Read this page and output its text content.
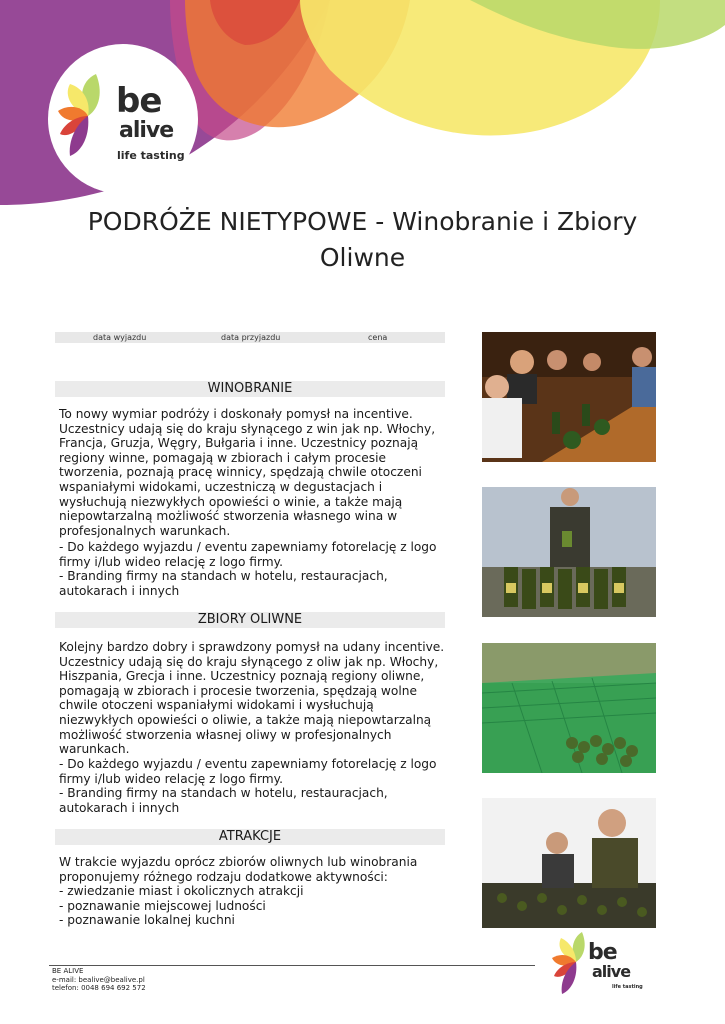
be
alive
life tasting
PODRÓŻE NIETYPOWE - Winobranie i Zbiory Oliwne
data wyjazdu	data przyjazdu	cena
WINOBRANIE

To nowy wymiar podróży i doskonały pomysł na incentive. Uczestnicy udają się do kraju słynącego z win jak np. Włochy, Francja, Gruzja, Węgry, Bułgaria i inne. Uczestnicy poznają regiony winne, pomagają w zbiorach i całym procesie tworzenia, poznają pracę winnicy, spędzają chwile otoczeni wspaniałymi widokami, uczestniczą w degustacjach i wysłuchują niezwykłych opowieści o winie, a także mają niepowtarzalną możliwość stworzenia własnego wina w profesjonalnych warunkach.

- Do każdego wyjazdu / eventu zapewniamy fotorelację z logo firmy i/lub wideo relację z logo firmy.
- Branding firmy na standach w hotelu, restauracjach, autokarach i innych

ZBIORY OLIWNE

Kolejny bardzo dobry i sprawdzony pomysł na udany incentive. Uczestnicy udają się do kraju słynącego z oliw jak np. Włochy, Hiszpania, Grecja i inne. Uczestnicy poznają regiony oliwne, pomagają w zbiorach i procesie tworzenia, spędzają wolne chwile otoczeni wspaniałymi widokami i wysłuchują niezwykłych opowieści o oliwie, a także mają niepowtarzalną możliwość stworzenia własnej oliwy w profesjonalnych warunkach.

- Do każdego wyjazdu / eventu zapewniamy fotorelację z logo firmy i/lub wideo relację z logo firmy.
- Branding firmy na standach w hotelu, restauracjach, autokarach i innych

ATRAKCJE

W trakcie wyjazdu oprócz zbiorów oliwnych lub winobrania proponujemy różnego rodzaju dodatkowe aktywności:
- zwiedzanie miast i okolicznych atrakcji
- poznawanie miejscowej ludności
- poznawanie lokalnej kuchni

be
alive
life tasting
BE ALIVE
e-mail: bealive@bealive.pl
telefon: 0048 694 692 572
